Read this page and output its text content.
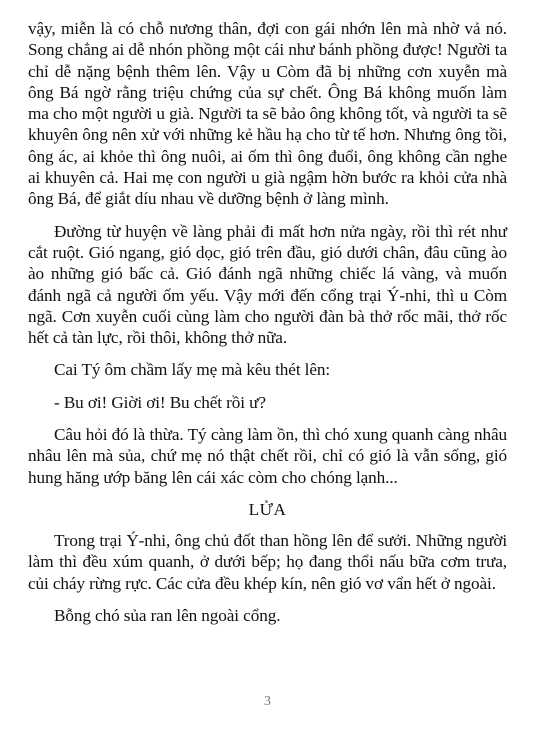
vậy, miễn là có chỗ nương thân, đợi con gái nhớn lên mà nhờ vả nó. Song chẳng ai dễ nhón phồng một cái như bánh phồng được! Người ta chỉ dễ nặng bệnh thêm lên. Vậy u Còm đã bị những cơn xuyễn mà ông Bá ngờ rằng triệu chứng của sự chết. Ông Bá không muốn làm ma cho một người u già. Người ta sẽ bảo ông không tốt, và người ta sẽ khuyên ông nên xử với những kẻ hầu hạ cho từ tế hơn. Nhưng ông tồi, ông ác, ai khỏe thì ông nuôi, ai ốm thì ông đuổi, ông không cần nghe ai khuyên cả. Hai mẹ con người u già ngậm hờn bước ra khỏi cửa nhà ông Bá, để giắt díu nhau về dưỡng bệnh ở làng mình.

Đường từ huyện về làng phải đi mất hơn nửa ngày, rồi thì rét như cắt ruột. Gió ngang, gió dọc, gió trên đầu, gió dưới chân, đâu cũng ào ào những gió bấc cả. Gió đánh ngã những chiếc lá vàng, và muốn đánh ngã cả người ốm yếu. Vậy mới đến cổng trại Ý-nhi, thì u Còm ngã. Cơn xuyễn cuối cùng làm cho người đàn bà thở rốc mãi, thở rốc hết cả tàn lực, rồi thôi, không thở nữa.

Cai Tý ôm chầm lấy mẹ mà kêu thét lên:

- Bu ơi! Giời ơi! Bu chết rồi ư?

Câu hỏi đó là thừa. Tý càng làm ồn, thì chó xung quanh càng nhâu nhâu lên mà sủa, chứ mẹ nó thật chết rồi, chỉ có gió là vẫn sống, gió hung hăng ướp băng lên cái xác còm cho chóng lạnh...

LỬA

Trong trại Ý-nhi, ông chủ đốt than hồng lên để sưởi. Những người làm thì đều xúm quanh, ở dưới bếp; họ đang thổi nấu bữa cơm trưa, củi cháy rừng rực. Các cửa đều khép kín, nên gió vơ vẩn hết ở ngoài.

Bỗng chó sủa ran lên ngoài cổng.

3
